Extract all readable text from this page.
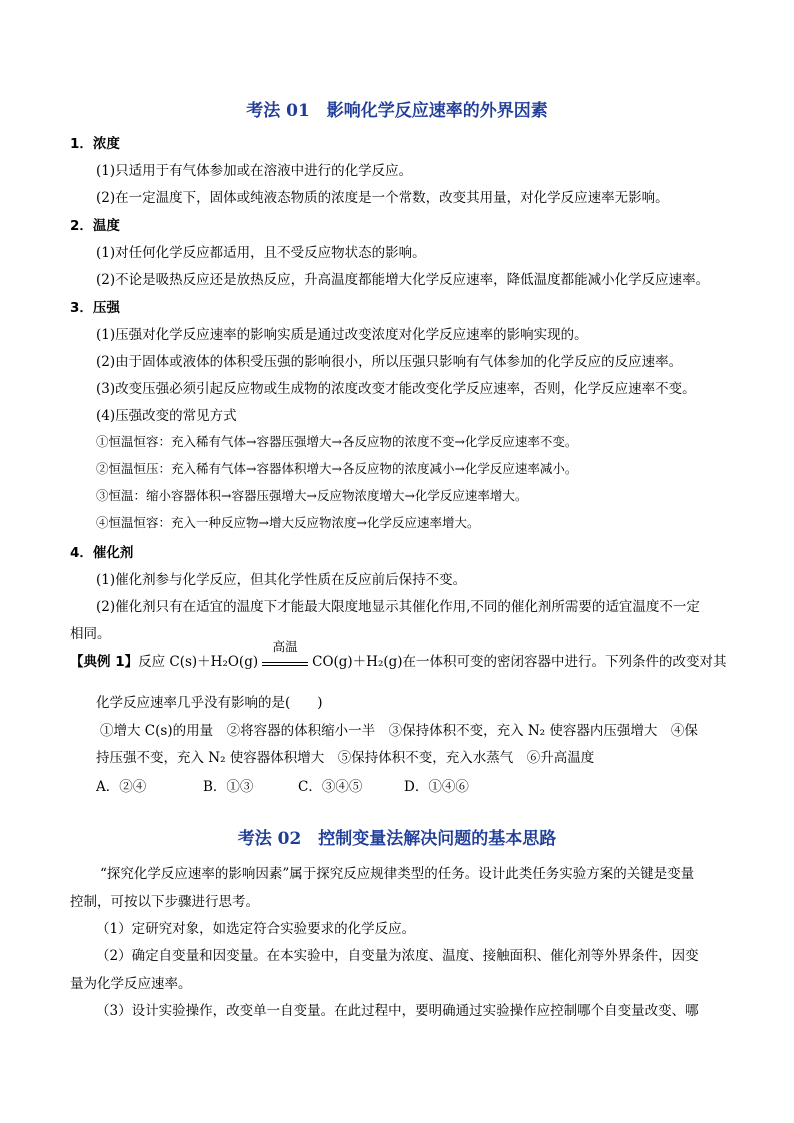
考法 01　影响化学反应速率的外界因素
1．浓度
(1)只适用于有气体参加或在溶液中进行的化学反应。
(2)在一定温度下，固体或纯液态物质的浓度是一个常数，改变其用量，对化学反应速率无影响。
2．温度
(1)对任何化学反应都适用，且不受反应物状态的影响。
(2)不论是吸热反应还是放热反应，升高温度都能增大化学反应速率，降低温度都能减小化学反应速率。
3．压强
(1)压强对化学反应速率的影响实质是通过改变浓度对化学反应速率的影响实现的。
(2)由于固体或液体的体积受压强的影响很小，所以压强只影响有气体参加的化学反应的反应速率。
(3)改变压强必须引起反应物或生成物的浓度改变才能改变化学反应速率，否则，化学反应速率不变。
(4)压强改变的常见方式
①恒温恒容：充入稀有气体→容器压强增大→各反应物的浓度不变→化学反应速率不变。
②恒温恒压：充入稀有气体→容器体积增大→各反应物的浓度减小→化学反应速率减小。
③恒温：缩小容器体积→容器压强增大→反应物浓度增大→化学反应速率增大。
④恒温恒容：充入一种反应物→增大反应物浓度→化学反应速率增大。
4．催化剂
(1)催化剂参与化学反应，但其化学性质在反应前后保持不变。
(2)催化剂只有在适宜的温度下才能最大限度地显示其催化作用,不同的催化剂所需要的适宜温度不一定
相同。
【典例 1】反应 C(s)＋H₂O(g)
高温
CO(g)＋H₂(g)在一体积可变的密闭容器中进行。下列条件的改变对其
化学反应速率几乎没有影响的是(　　)
①增大 C(s)的用量　②将容器的体积缩小一半　③保持体积不变，充入 N₂ 使容器内压强增大　④保
持压强不变，充入 N₂ 使容器体积增大　⑤保持体积不变，充入水蒸气　⑥升高温度
A．②④	B．①③	C．③④⑤	D．①④⑥
考法 02　控制变量法解决问题的基本思路
“探究化学反应速率的影响因素”属于探究反应规律类型的任务。设计此类任务实验方案的关键是变量
控制，可按以下步骤进行思考。
（1）定研究对象，如选定符合实验要求的化学反应。
（2）确定自变量和因变量。在本实验中，自变量为浓度、温度、接触面积、催化剂等外界条件，因变
量为化学反应速率。
（3）设计实验操作，改变单一自变量。在此过程中，要明确通过实验操作应控制哪个自变量改变、哪
